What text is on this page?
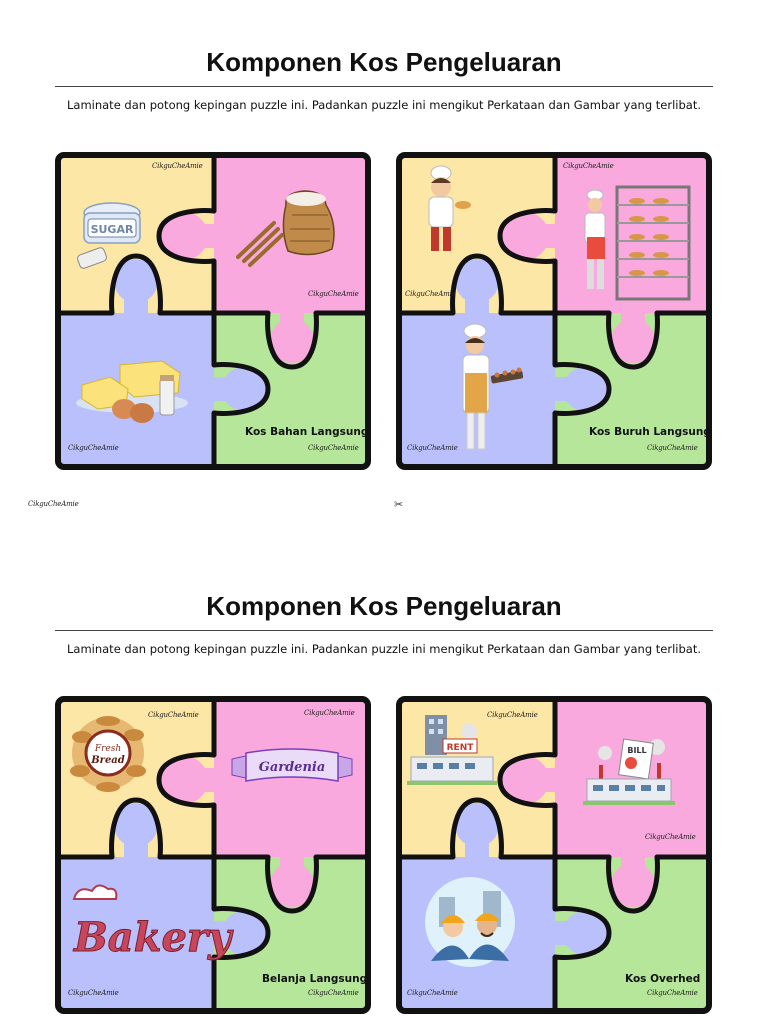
Komponen Kos Pengeluaran
Laminate dan potong kepingan puzzle ini. Padankan puzzle ini mengikut Perkataan dan Gambar yang terlibat.
SUGAR
Kos Bahan Langsung
CikguCheAmie
CikguCheAmie
CikguCheAmie	CikguCheAmie
Kos Buruh Langsung
CikguCheAmie
CikguCheAmie
CikguCheAmie	CikguCheAmie
CikguCheAmie	✂
Komponen Kos Pengeluaran
Laminate dan potong kepingan puzzle ini. Padankan puzzle ini mengikut Perkataan dan Gambar yang terlibat.
Fresh
Bread	Gardenia
Bakery
Belanja Langsung
CikguCheAmie	CikguCheAmie
CikguCheAmie	CikguCheAmie
RENT	BILL
Kos Overhed
CikguCheAmie
CikguCheAmie
CikguCheAmie	CikguCheAmie
